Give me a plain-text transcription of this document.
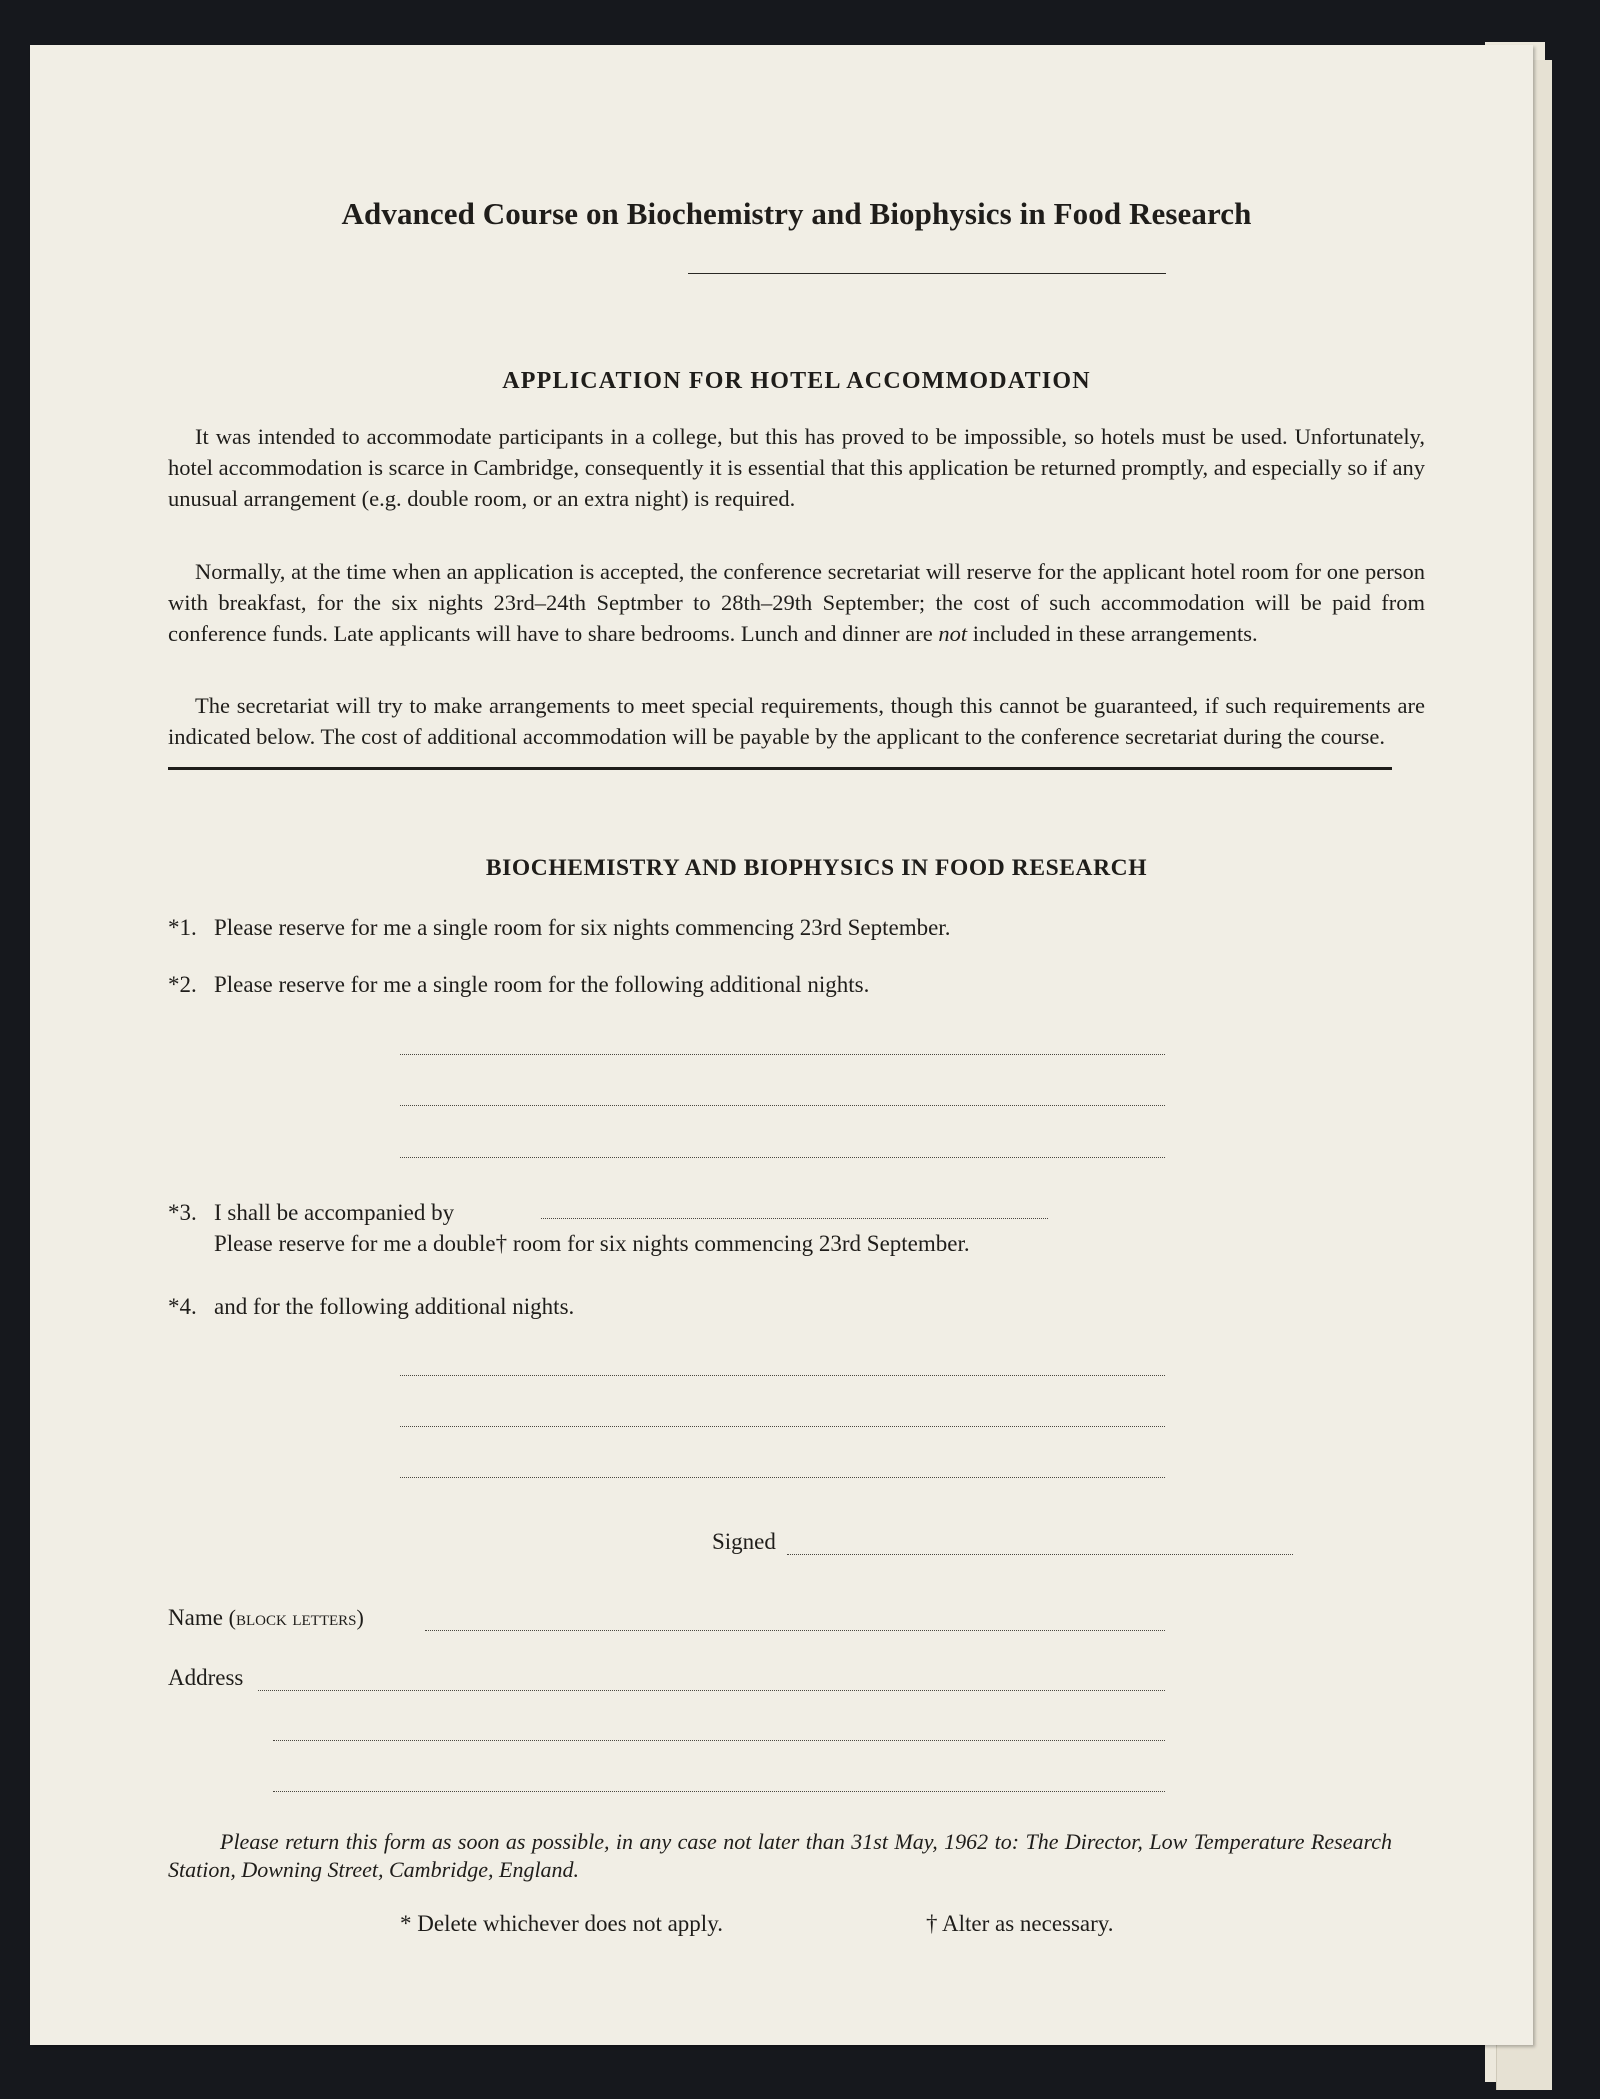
Advanced Course on Biochemistry and Biophysics in Food Research
APPLICATION FOR HOTEL ACCOMMODATION
It was intended to accommodate participants in a college, but this has proved to be impossible, so hotels must be used. Unfortunately, hotel accommodation is scarce in Cambridge, consequently it is essential that this application be returned promptly, and especially so if any unusual arrangement (e.g. double room, or an extra night) is required.
Normally, at the time when an application is accepted, the conference secretariat will reserve for the applicant hotel room for one person with breakfast, for the six nights 23rd–24th Septmber to 28th–29th September; the cost of such accommodation will be paid from conference funds. Late applicants will have to share bedrooms. Lunch and dinner are not included in these arrangements.
The secretariat will try to make arrangements to meet special requirements, though this cannot be guaranteed, if such requirements are indicated below. The cost of additional accommodation will be payable by the applicant to the conference secretariat during the course.
BIOCHEMISTRY AND BIOPHYSICS IN FOOD RESEARCH
*1. Please reserve for me a single room for six nights commencing 23rd September.
*2. Please reserve for me a single room for the following additional nights.
*3. I shall be accompanied by
Please reserve for me a double† room for six nights commencing 23rd September.
*4. and for the following additional nights.
Signed
Name (block letters)
Address
Please return this form as soon as possible, in any case not later than 31st May, 1962 to: The Director, Low Temperature Research Station, Downing Street, Cambridge, England.
* Delete whichever does not apply.	† Alter as necessary.
